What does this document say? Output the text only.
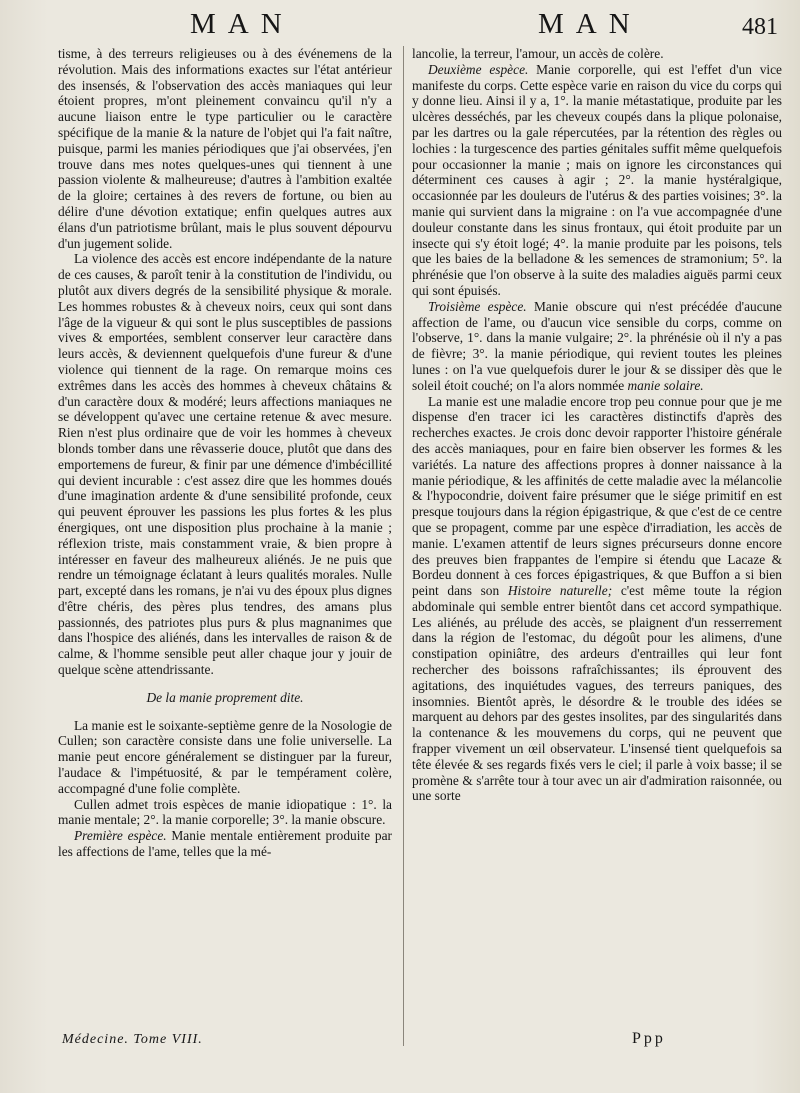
MAN	MAN	481

tisme, à des terreurs religieuses ou à des événemens de la révolution. Mais des informations exactes sur l'état antérieur des insensés, & l'observation des accès maniaques qui leur étoient propres, m'ont pleinement convaincu qu'il n'y a aucune liaison entre le type particulier ou le caractère spécifique de la manie & la nature de l'objet qui l'a fait naître, puisque, parmi les manies périodiques que j'ai observées, j'en trouve dans mes notes quelques-unes qui tiennent à une passion violente & malheureuse; d'autres à l'ambition exaltée de la gloire; certaines à des revers de fortune, ou bien au délire d'une dévotion extatique; enfin quelques autres aux élans d'un patriotisme brûlant, mais le plus souvent dépourvu d'un jugement solide.

La violence des accès est encore indépendante de la nature de ces causes, & paroît tenir à la constitution de l'individu, ou plutôt aux divers degrés de la sensibilité physique & morale. Les hommes robustes & à cheveux noirs, ceux qui sont dans l'âge de la vigueur & qui sont le plus susceptibles de passions vives & emportées, semblent conserver leur caractère dans leurs accès, & deviennent quelquefois d'une fureur & d'une violence qui tiennent de la rage. On remarque moins ces extrêmes dans les accès des hommes à cheveux châtains & d'un caractère doux & modéré; leurs affections maniaques ne se développent qu'avec une certaine retenue & avec mesure. Rien n'est plus ordinaire que de voir les hommes à cheveux blonds tomber dans une rêvasserie douce, plutôt que dans des emportemens de fureur, & finir par une démence d'imbécillité qui devient incurable : c'est assez dire que les hommes doués d'une imagination ardente & d'une sensibilité profonde, ceux qui peuvent éprouver les passions les plus fortes & les plus énergiques, ont une disposition plus prochaine à la manie ; réflexion triste, mais constamment vraie, & bien propre à intéresser en faveur des malheureux aliénés. Je ne puis que rendre un témoignage éclatant à leurs qualités morales. Nulle part, excepté dans les romans, je n'ai vu des époux plus dignes d'être chéris, des pères plus tendres, des amans plus passionnés, des patriotes plus purs & plus magnanimes que dans l'hospice des aliénés, dans les intervalles de raison & de calme, & l'homme sensible peut aller chaque jour y jouir de quelque scène attendrissante.

De la manie proprement dite.

La manie est le soixante-septième genre de la Nosologie de Cullen; son caractère consiste dans une folie universelle. La manie peut encore généralement se distinguer par la fureur, l'audace & l'impétuosité, & par le tempérament colère, accompagné d'une folie complète.

Cullen admet trois espèces de manie idiopatique : 1°. la manie mentale; 2°. la manie corporelle; 3°. la manie obscure.

Première espèce. Manie mentale entièrement produite par les affections de l'ame, telles que la mé-

lancolie, la terreur, l'amour, un accès de colère.

Deuxième espèce. Manie corporelle, qui est l'effet d'un vice manifeste du corps. Cette espèce varie en raison du vice du corps qui y donne lieu. Ainsi il y a, 1°. la manie métastatique, produite par les ulcères desséchés, par les cheveux coupés dans la plique polonaise, par les dartres ou la gale répercutées, par la rétention des règles ou lochies : la turgescence des parties génitales suffit même quelquefois pour occasionner la manie ; mais on ignore les circonstances qui déterminent ces causes à agir ; 2°. la manie hystéralgique, occasionnée par les douleurs de l'utérus & des parties voisines; 3°. la manie qui survient dans la migraine : on l'a vue accompagnée d'une douleur constante dans les sinus frontaux, qui étoit produite par un insecte qui s'y étoit logé; 4°. la manie produite par les poisons, tels que les baies de la belladone & les semences de stramonium; 5°. la phrénésie que l'on observe à la suite des maladies aiguës parmi ceux qui sont épuisés.

Troisième espèce. Manie obscure qui n'est précédée d'aucune affection de l'ame, ou d'aucun vice sensible du corps, comme on l'observe, 1°. dans la manie vulgaire; 2°. la phrénésie où il n'y a pas de fièvre; 3°. la manie périodique, qui revient toutes les pleines lunes : on l'a vue quelquefois durer le jour & se dissiper dès que le soleil étoit couché; on l'a alors nommée manie solaire.

La manie est une maladie encore trop peu connue pour que je me dispense d'en tracer ici les caractères distinctifs d'après des recherches exactes. Je crois donc devoir rapporter l'histoire générale des accès maniaques, pour en faire bien observer les formes & les variétés. La nature des affections propres à donner naissance à la manie périodique, & les affinités de cette maladie avec la mélancolie & l'hypocondrie, doivent faire présumer que le siége primitif en est presque toujours dans la région épigastrique, & que c'est de ce centre que se propagent, comme par une espèce d'irradiation, les accès de manie. L'examen attentif de leurs signes précurseurs donne encore des preuves bien frappantes de l'empire si étendu que Lacaze & Bordeu donnent à ces forces épigastriques, & que Buffon a si bien peint dans son Histoire naturelle; c'est même toute la région abdominale qui semble entrer bientôt dans cet accord sympathique. Les aliénés, au prélude des accès, se plaignent d'un resserrement dans la région de l'estomac, du dégoût pour les alimens, d'une constipation opiniâtre, des ardeurs d'entrailles qui leur font rechercher des boissons rafraîchissantes; ils éprouvent des agitations, des inquiétudes vagues, des terreurs paniques, des insomnies. Bientôt après, le désordre & le trouble des idées se marquent au dehors par des gestes insolites, par des singularités dans la contenance & les mouvemens du corps, qui ne peuvent que frapper vivement un œil observateur. L'insensé tient quelquefois sa tête élevée & ses regards fixés vers le ciel; il parle à voix basse; il se promène & s'arrête tour à tour avec un air d'admiration raisonnée, ou une sorte

Médecine. Tome VIII.	Ppp
